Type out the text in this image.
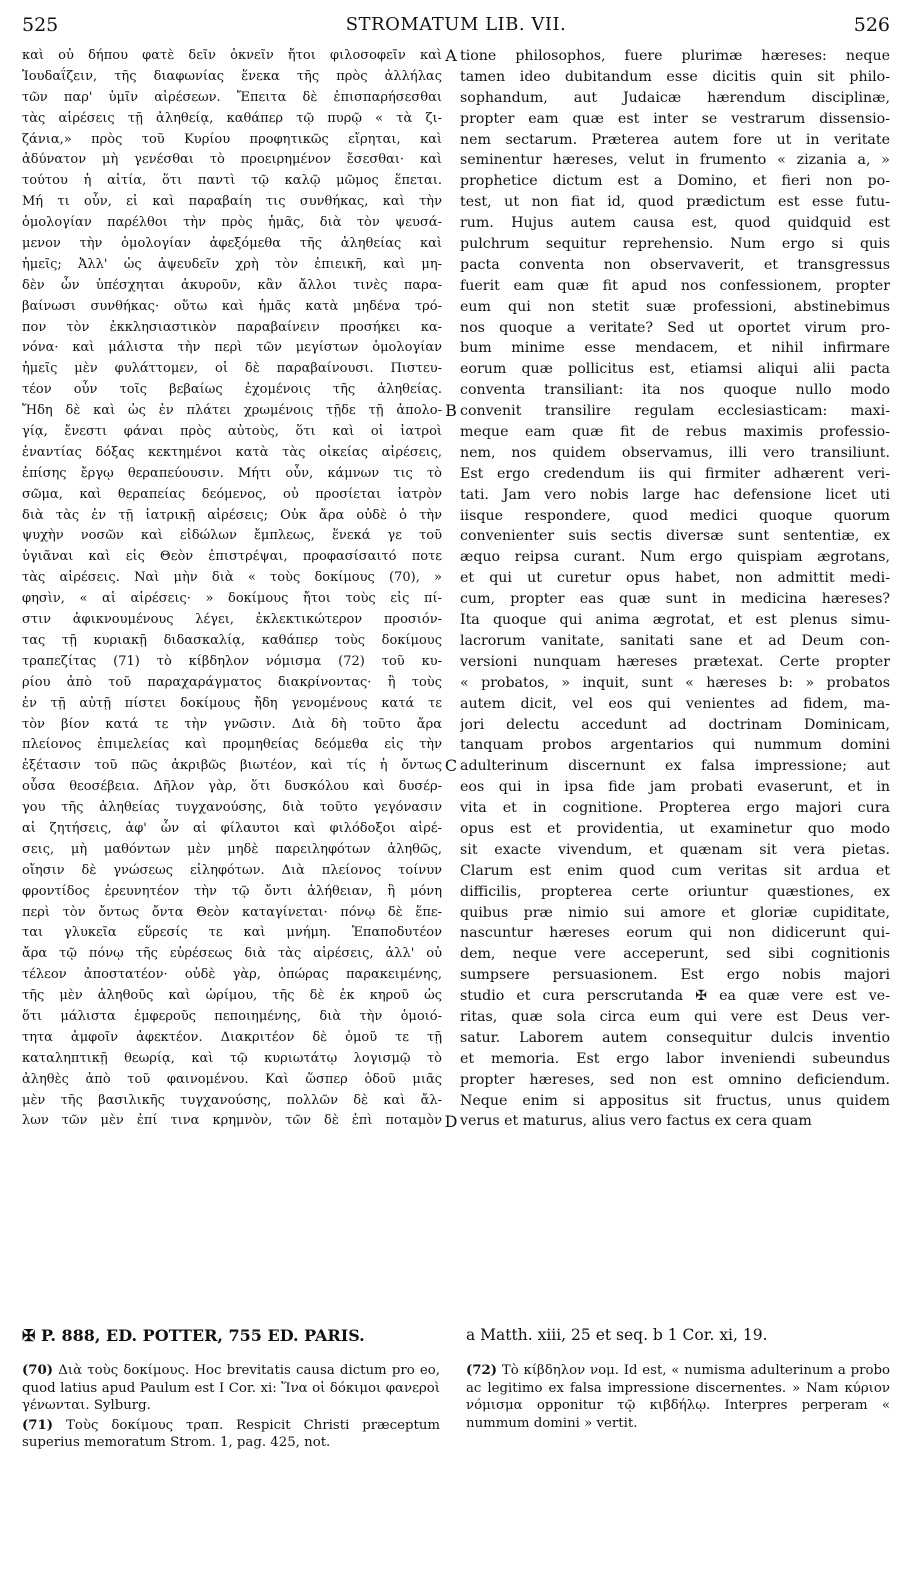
525	STROMATUM LIB. VII.	526
καὶ οὐ δήπου φατὲ δεῖν ὀκνεῖν ἤτοι φιλοσοφεῖν καὶ
Ἰουδαΐζειν, τῆς διαφωνίας ἕνεκα τῆς πρὸς ἀλλήλας
τῶν παρ' ὑμῖν αἱρέσεων. Ἔπειτα δὲ ἐπισπαρήσεσθαι
τὰς αἱρέσεις τῇ ἀληθείᾳ, καθάπερ τῷ πυρῷ « τὰ ζι-
ζάνια,» πρὸς τοῦ Κυρίου προφητικῶς εἴρηται, καὶ
ἀδύνατον μὴ γενέσθαι τὸ προειρημένον ἔσεσθαι· καὶ
τούτου ἡ αἰτία, ὅτι παντὶ τῷ καλῷ μῶμος ἕπεται.
Μή τι οὖν, εἰ καὶ παραβαίη τις συνθήκας, καὶ τὴν
ὁμολογίαν παρέλθοι τὴν πρὸς ἡμᾶς, διὰ τὸν ψευσά-
μενον τὴν ὁμολογίαν ἀφεξόμεθα τῆς ἀληθείας καὶ
ἡμεῖς; Ἀλλ' ὡς ἀψευδεῖν χρὴ τὸν ἐπιεικῆ, καὶ μη-
δὲν ὧν ὑπέσχηται ἀκυροῦν, κἂν ἄλλοι τινὲς παρα-
βαίνωσι συνθήκας· οὕτω καὶ ἡμᾶς κατὰ μηδένα τρό-
πον τὸν ἐκκλησιαστικὸν παραβαίνειν προσήκει κα-
νόνα· καὶ μάλιστα τὴν περὶ τῶν μεγίστων ὁμολογίαν
ἡμεῖς μὲν φυλάττομεν, οἱ δὲ παραβαίνουσι. Πιστευ-
τέον οὖν τοῖς βεβαίως ἐχομένοις τῆς ἀληθείας.
Ἤδη δὲ καὶ ὡς ἐν πλάτει χρωμένοις τῇδε τῇ ἀπολο-
γίᾳ, ἔνεστι φάναι πρὸς αὐτοὺς, ὅτι καὶ οἱ ἰατροὶ
ἐναντίας δόξας κεκτημένοι κατὰ τὰς οἰκείας αἱρέσεις,
ἐπίσης ἔργῳ θεραπεύουσιν. Μήτι οὖν, κάμνων τις τὸ
σῶμα, καὶ θεραπείας δεόμενος, οὐ προσίεται ἰατρὸν
διὰ τὰς ἐν τῇ ἰατρικῇ αἱρέσεις; Οὐκ ἄρα οὐδὲ ὁ τὴν
ψυχὴν νοσῶν καὶ εἰδώλων ἔμπλεως, ἕνεκά γε τοῦ
ὑγιᾶναι καὶ εἰς Θεὸν ἐπιστρέψαι, προφασίσαιτό ποτε
τὰς αἱρέσεις. Ναὶ μὴν διὰ « τοὺς δοκίμους (70), »
φησὶν, « αἱ αἱρέσεις· » δοκίμους ἤτοι τοὺς εἰς πί-
στιν ἀφικνουμένους λέγει, ἐκλεκτικώτερον προσιόν-
τας τῇ κυριακῇ διδασκαλίᾳ, καθάπερ τοὺς δοκίμους
τραπεζίτας (71) τὸ κίβδηλον νόμισμα (72) τοῦ κυ-
ρίου ἀπὸ τοῦ παραχαράγματος διακρίνοντας· ἢ τοὺς
ἐν τῇ αὐτῇ πίστει δοκίμους ἤδη γενομένους κατά τε
τὸν βίον κατά τε τὴν γνῶσιν. Διὰ δὴ τοῦτο ἄρα
πλείονος ἐπιμελείας καὶ προμηθείας δεόμεθα εἰς τὴν
ἐξέτασιν τοῦ πῶς ἀκριβῶς βιωτέον, καὶ τίς ἡ ὄντως
οὖσα θεοσέβεια. Δῆλον γὰρ, ὅτι δυσκόλου καὶ δυσέρ-
γου τῆς ἀληθείας τυγχανούσης, διὰ τοῦτο γεγόνασιν
αἱ ζητήσεις, ἀφ' ὧν αἱ φίλαυτοι καὶ φιλόδοξοι αἱρέ-
σεις, μὴ μαθόντων μὲν μηδὲ παρειληφότων ἀληθῶς,
οἴησιν δὲ γνώσεως εἰληφότων. Διὰ πλείονος τοίνυν
φροντίδος ἐρευνητέον τὴν τῷ ὄντι ἀλήθειαν, ἣ μόνη
περὶ τὸν ὄντως ὄντα Θεὸν καταγίνεται· πόνῳ δὲ ἕπε-
ται γλυκεῖα εὕρεσίς τε καὶ μνήμη. Ἐπαποδυτέον
ἄρα τῷ πόνῳ τῆς εὑρέσεως διὰ τὰς αἱρέσεις, ἀλλ' οὐ
τέλεον ἀποστατέον· οὐδὲ γὰρ, ὀπώρας παρακειμένης,
τῆς μὲν ἀληθοῦς καὶ ὡρίμου, τῆς δὲ ἐκ κηροῦ ὡς
ὅτι μάλιστα ἐμφεροῦς πεποιημένης, διὰ τὴν ὁμοιό-
τητα ἀμφοῖν ἀφεκτέον. Διακριτέον δὲ ὁμοῦ τε τῇ
καταληπτικῇ θεωρίᾳ, καὶ τῷ κυριωτάτῳ λογισμῷ τὸ
ἀληθὲς ἀπὸ τοῦ φαινομένου. Καὶ ὥσπερ ὁδοῦ μιᾶς
μὲν τῆς βασιλικῆς τυγχανούσης, πολλῶν δὲ καὶ ἄλ-
λων τῶν μὲν ἐπί τινα κρημνὸν, τῶν δὲ ἐπὶ ποταμὸν
tione philosophos, fuere plurimæ hæreses: neque
tamen ideo dubitandum esse dicitis quin sit philo-
sophandum, aut Judaicæ hærendum disciplinæ,
propter eam quæ est inter se vestrarum dissensio-
nem sectarum. Præterea autem fore ut in veritate
seminentur hæreses, velut in frumento « zizania a, »
prophetice dictum est a Domino, et fieri non po-
test, ut non fiat id, quod prædictum est esse futu-
rum. Hujus autem causa est, quod quidquid est
pulchrum sequitur reprehensio. Num ergo si quis
pacta conventa non observaverit, et transgressus
fuerit eam quæ fit apud nos confessionem, propter
eum qui non stetit suæ professioni, abstinebimus
nos quoque a veritate? Sed ut oportet virum pro-
bum minime esse mendacem, et nihil infirmare
eorum quæ pollicitus est, etiamsi aliqui alii pacta
conventa transiliant: ita nos quoque nullo modo
convenit transilire regulam ecclesiasticam: maxi-
meque eam quæ fit de rebus maximis professio-
nem, nos quidem observamus, illi vero transiliunt.
Est ergo credendum iis qui firmiter adhærent veri-
tati. Jam vero nobis large hac defensione licet uti
iisque respondere, quod medici quoque quorum
convenienter suis sectis diversæ sunt sententiæ, ex
æquo reipsa curant. Num ergo quispiam ægrotans,
et qui ut curetur opus habet, non admittit medi-
cum, propter eas quæ sunt in medicina hæreses?
Ita quoque qui anima ægrotat, et est plenus simu-
lacrorum vanitate, sanitati sane et ad Deum con-
versioni nunquam hæreses prætexat. Certe propter
« probatos, » inquit, sunt « hæreses b: » probatos
autem dicit, vel eos qui venientes ad fidem, ma-
jori delectu accedunt ad doctrinam Dominicam,
tanquam probos argentarios qui nummum domini
adulterinum discernunt ex falsa impressione; aut
eos qui in ipsa fide jam probati evaserunt, et in
vita et in cognitione. Propterea ergo majori cura
opus est et providentia, ut examinetur quo modo
sit exacte vivendum, et quænam sit vera pietas.
Clarum est enim quod cum veritas sit ardua et
difficilis, propterea certe oriuntur quæstiones, ex
quibus præ nimio sui amore et gloriæ cupiditate,
nascuntur hæreses eorum qui non didicerunt qui-
dem, neque vere acceperunt, sed sibi cognitionis
sumpsere persuasionem. Est ergo nobis majori
studio et cura perscrutanda ✠ ea quæ vere est ve-
ritas, quæ sola circa eum qui vere est Deus ver-
satur. Laborem autem consequitur dulcis inventio
et memoria. Est ergo labor inveniendi subeundus
propter hæreses, sed non est omnino deficiendum.
Neque enim si appositus sit fructus, unus quidem
verus et maturus, alius vero factus ex cera quam
A
B
C
D
✠ P. 888, ED. POTTER, 755 ED. PARIS.	a Matth. xiii, 25 et seq. b 1 Cor. xi, 19.

(70) Διὰ τοὺς δοκίμους. Hoc brevitatis causa dictum pro eo, quod latius apud Paulum est I Cor. xi: Ἵνα οἱ δόκιμοι φανεροὶ γένωνται. Sylburg.

(71) Τοὺς δοκίμους τραπ. Respicit Christi præceptum superius memoratum Strom. 1, pag. 425, not.

(72) Τὸ κίβδηλον νομ. Id est, « numisma adulterinum a probo ac legitimo ex falsa impressione discernentes. » Nam κύριον νόμισμα opponitur τῷ κιβδήλῳ. Interpres perperam « nummum domini » vertit.
